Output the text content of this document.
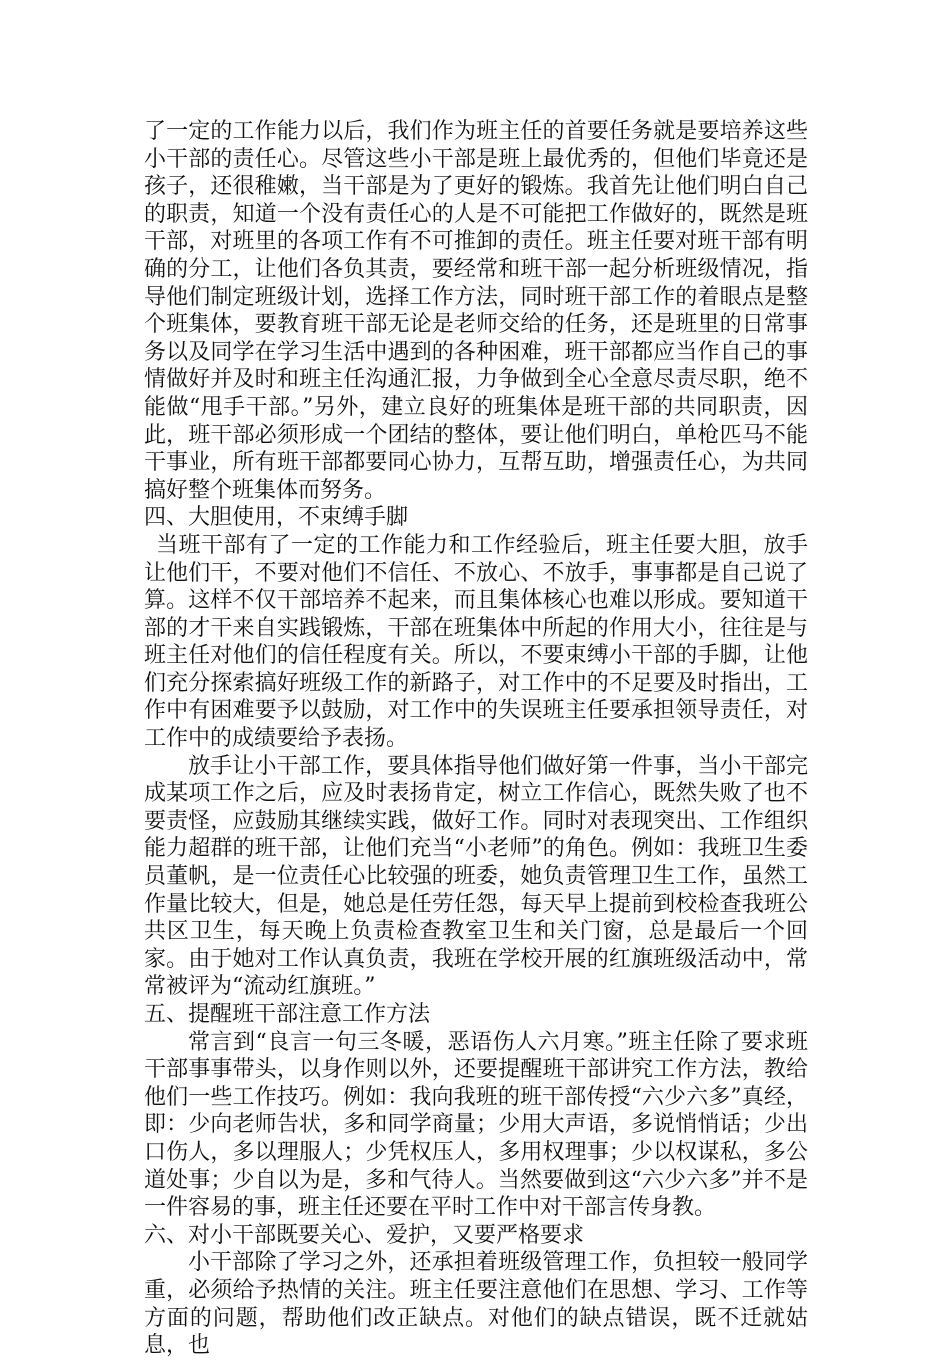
了一定的工作能力以后，我们作为班主任的首要任务就是要培养这些小干部的责任心。尽管这些小干部是班上最优秀的，但他们毕竟还是孩子，还很稚嫩，当干部是为了更好的锻炼。我首先让他们明白自己的职责，知道一个没有责任心的人是不可能把工作做好的，既然是班干部，对班里的各项工作有不可推卸的责任。班主任要对班干部有明确的分工，让他们各负其责，要经常和班干部一起分析班级情况，指导他们制定班级计划，选择工作方法，同时班干部工作的着眼点是整个班集体，要教育班干部无论是老师交给的任务，还是班里的日常事务以及同学在学习生活中遇到的各种困难，班干部都应当作自己的事情做好并及时和班主任沟通汇报，力争做到全心全意尽责尽职，绝不能做“甩手干部。”另外，建立良好的班集体是班干部的共同职责，因此，班干部必须形成一个团结的整体，要让他们明白，单枪匹马不能干事业，所有班干部都要同心协力，互帮互助，增强责任心，为共同搞好整个班集体而努务。

四、大胆使用，不束缚手脚

当班干部有了一定的工作能力和工作经验后，班主任要大胆，放手让他们干，不要对他们不信任、不放心、不放手，事事都是自己说了算。这样不仅干部培养不起来，而且集体核心也难以形成。要知道干部的才干来自实践锻炼，干部在班集体中所起的作用大小，往往是与班主任对他们的信任程度有关。所以，不要束缚小干部的手脚，让他们充分探索搞好班级工作的新路子，对工作中的不足要及时指出，工作中有困难要予以鼓励，对工作中的失误班主任要承担领导责任，对工作中的成绩要给予表扬。

放手让小干部工作，要具体指导他们做好第一件事，当小干部完成某项工作之后，应及时表扬肯定，树立工作信心，既然失败了也不要责怪，应鼓励其继续实践，做好工作。同时对表现突出、工作组织能力超群的班干部，让他们充当“小老师”的角色。例如：我班卫生委员董帆，是一位责任心比较强的班委，她负责管理卫生工作，虽然工作量比较大，但是，她总是任劳任怨，每天早上提前到校检查我班公共区卫生，每天晚上负责检查教室卫生和关门窗，总是最后一个回家。由于她对工作认真负责，我班在学校开展的红旗班级活动中，常常被评为“流动红旗班。”

五、提醒班干部注意工作方法

常言到“良言一句三冬暖，恶语伤人六月寒。”班主任除了要求班干部事事带头，以身作则以外，还要提醒班干部讲究工作方法，教给他们一些工作技巧。例如：我向我班的班干部传授“六少六多”真经，即：少向老师告状，多和同学商量；少用大声语，多说悄悄话；少出口伤人，多以理服人；少凭权压人，多用权理事；少以权谋私，多公道处事；少自以为是，多和气待人。当然要做到这“六少六多”并不是一件容易的事，班主任还要在平时工作中对干部言传身教。

六、对小干部既要关心、爱护，又要严格要求

小干部除了学习之外，还承担着班级管理工作，负担较一般同学重，必须给予热情的关注。班主任要注意他们在思想、学习、工作等方面的问题，帮助他们改正缺点。对他们的缺点错误，既不迁就姑息，也
